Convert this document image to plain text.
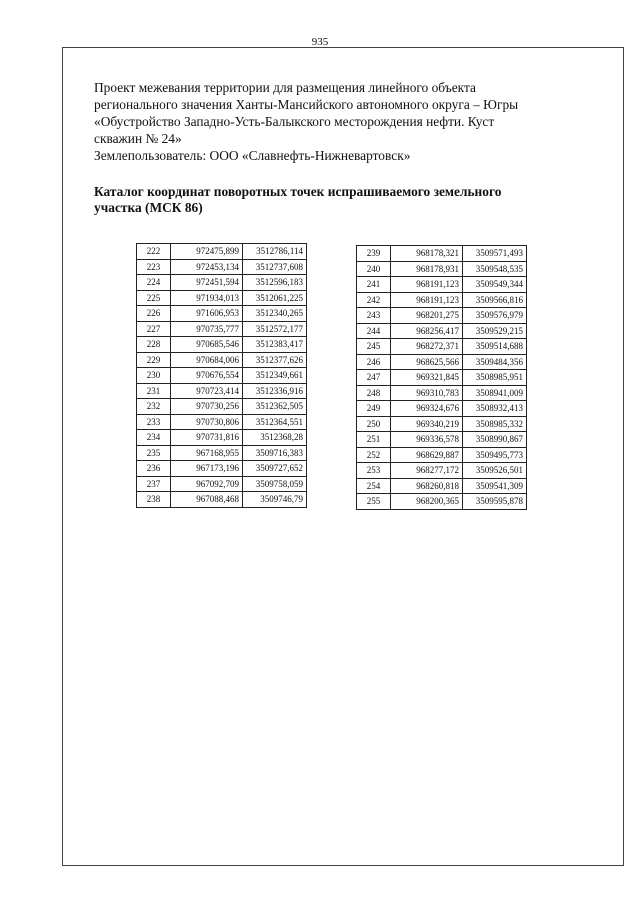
935
Проект межевания территории для размещения линейного объекта
регионального значения Ханты-Мансийского автономного округа – Югры
«Обустройство Западно-Усть-Балыкского месторождения нефти. Куст
скважин № 24»
Землепользователь: ООО «Славнефть-Нижневартовск»
Каталог координат поворотных точек испрашиваемого земельного
участка (МСК 86)
222	972475,899	3512786,114
223	972453,134	3512737,608
224	972451,594	3512596,183
225	971934,013	3512061,225
226	971606,953	3512340,265
227	970735,777	3512572,177
228	970685,546	3512383,417
229	970684,006	3512377,626
230	970676,554	3512349,661
231	970723,414	3512336,916
232	970730,256	3512362,505
233	970730,806	3512364,551
234	970731,816	3512368,28
235	967168,955	3509716,383
236	967173,196	3509727,652
237	967092,709	3509758,059
238	967088,468	3509746,79
239	968178,321	3509571,493
240	968178,931	3509548,535
241	968191,123	3509549,344
242	968191,123	3509566,816
243	968201,275	3509576,979
244	968256,417	3509529,215
245	968272,371	3509514,688
246	968625,566	3509484,356
247	969321,845	3508985,951
248	969310,783	3508941,009
249	969324,676	3508932,413
250	969340,219	3508985,332
251	969336,578	3508990,867
252	968629,887	3509495,773
253	968277,172	3509526,501
254	968260,818	3509541,309
255	968200,365	3509595,878
